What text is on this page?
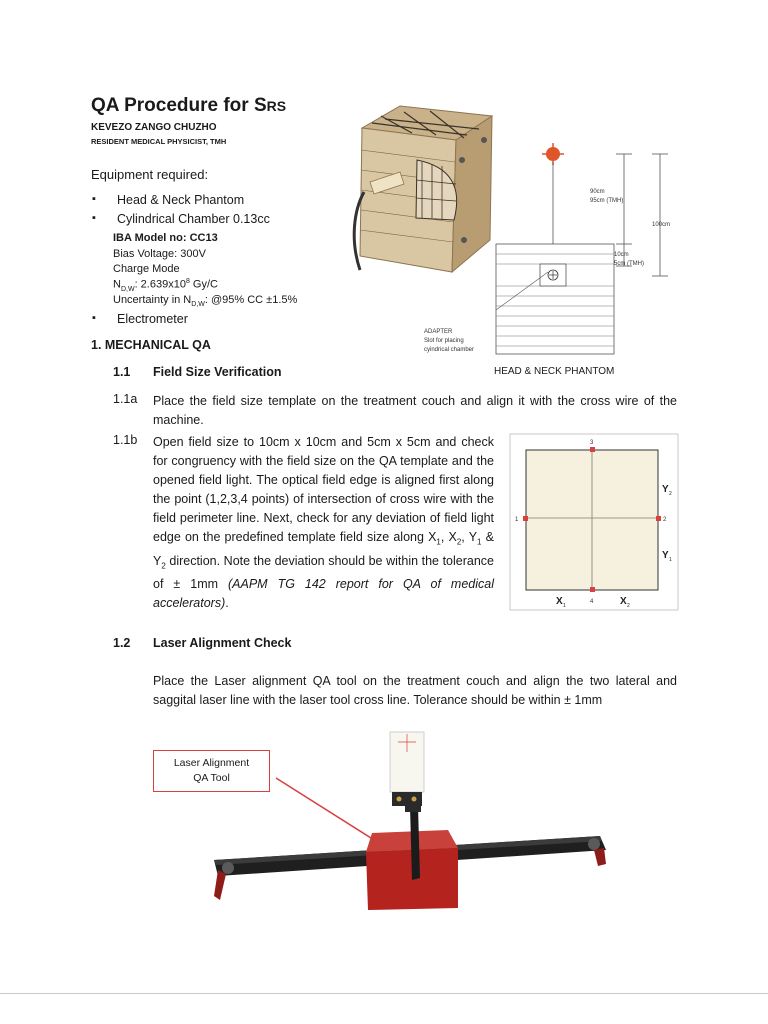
QA Procedure for SRS
KEVEZO ZANGO CHUZHO
RESIDENT MEDICAL PHYSICIST, TMH
Equipment required:
▪ Head & Neck Phantom
▪ Cylindrical Chamber 0.13cc
IBA Model no: CC13
Bias Voltage: 300V
Charge Mode
$N_{D,W}$: $2.639x10^8$ Gy/C
Uncertainty in $N_{D,W}$: @95% CC ±1.5%
▪ Electrometer
1. MECHANICAL QA
1.1 Field Size Verification	HEAD & NECK PHANTOM
1.1a Place the field size template on the treatment couch and align it with the cross wire of the machine.
1.1b Open field size to 10cm x 10cm and 5cm x 5cm and check for congruency with the field size on the QA template and the opened field light. The optical field edge is aligned first along the point (1,2,3,4 points) of intersection of cross wire with the field perimeter line. Next, check for any deviation of field light edge on the predefined template field size along $X_1$, $X_2$, $Y_1$ & $Y_2$ direction. Note the deviation should be within the tolerance of ± 1mm (AAPM TG 142 report for QA of medical accelerators).
1.2 Laser Alignment Check
Place the Laser alignment QA tool on the treatment couch and align the two lateral and saggital laser line with the laser tool cross line. Tolerance should be within ± 1mm
90cm
95cm (TMH)
100cm
10cm
5cm (TMH)
ADAPTER
Slot for placing
cyindrical chamber
3
1	2
4
Y 2
Y 1
X 1	X 2
Laser Alignment
QA Tool
